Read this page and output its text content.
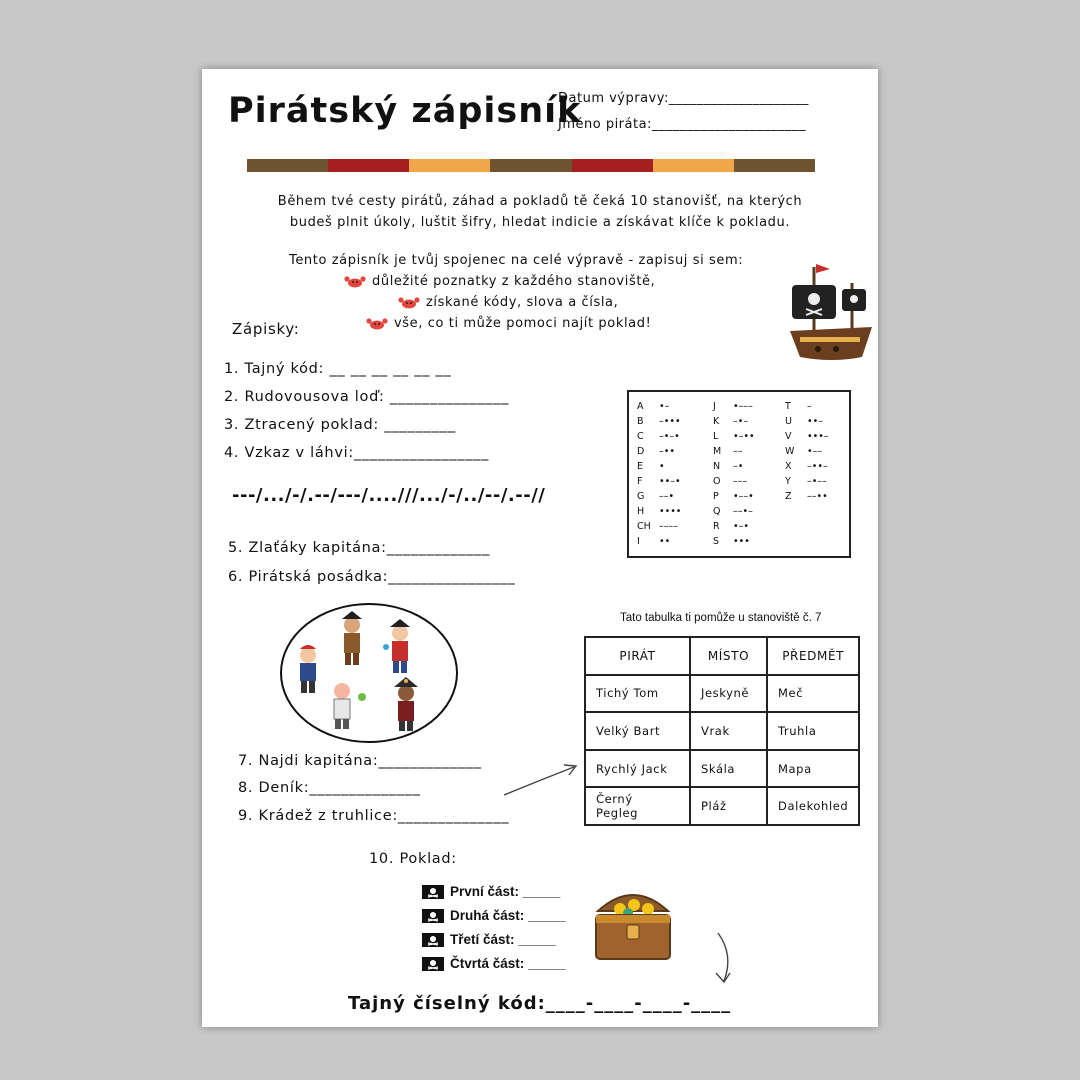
Pirátský zápisník
Datum výpravy:____________________
Jméno piráta:______________________
Během tvé cesty pirátů, záhad a pokladů tě čeká 10 stanovišť, na kterých
budeš plnit úkoly, luštit šifry, hledat indicie a získávat klíče k pokladu.
Tento zápisník je tvůj spojenec na celé výpravě - zapisuj si sem:
důležité poznatky z každého stanoviště,
získané kódy, slova a čísla,
vše, co ti může pomoci najít poklad!
Zápisky:
1. Tajný kód: __ __ __ __ __ __
2. Rudovousova loď: _______________
3. Ztracený poklad: _________
4. Vzkaz v láhvi:_________________
---/.../-/.--/---/....///.../-/../--/.--//
5. Zlaťáky kapitána:_____________
6. Pirátská posádka:________________
A •–
B –•••
C –•–•
D –••
E •
F ••–•
G ––•
H ••••
CH ––––
I ••
J •–––
K –•–
L •–••
M ––
N –•
O –––
P •––•
Q ––•–
R •–•
S •••
T –
U ••–
V •••–
W •––
X –••–
Y –•––
Z ––••
Tato tabulka ti pomůže u stanoviště č. 7
PIRÁT	MÍSTO	PŘEDMĚT
Tichý Tom	Jeskyně	Meč
Velký Bart	Vrak	Truhla
Rychlý Jack	Skála	Mapa
Černý Pegleg	Pláž	Dalekohled
7. Najdi kapitána:_____________
8. Deník:______________
9. Krádež z truhlice:______________
10. Poklad:
První část: _____
Druhá část: _____
Třetí část: _____
Čtvrtá část: _____
Tajný číselný kód:____-____-____-____
